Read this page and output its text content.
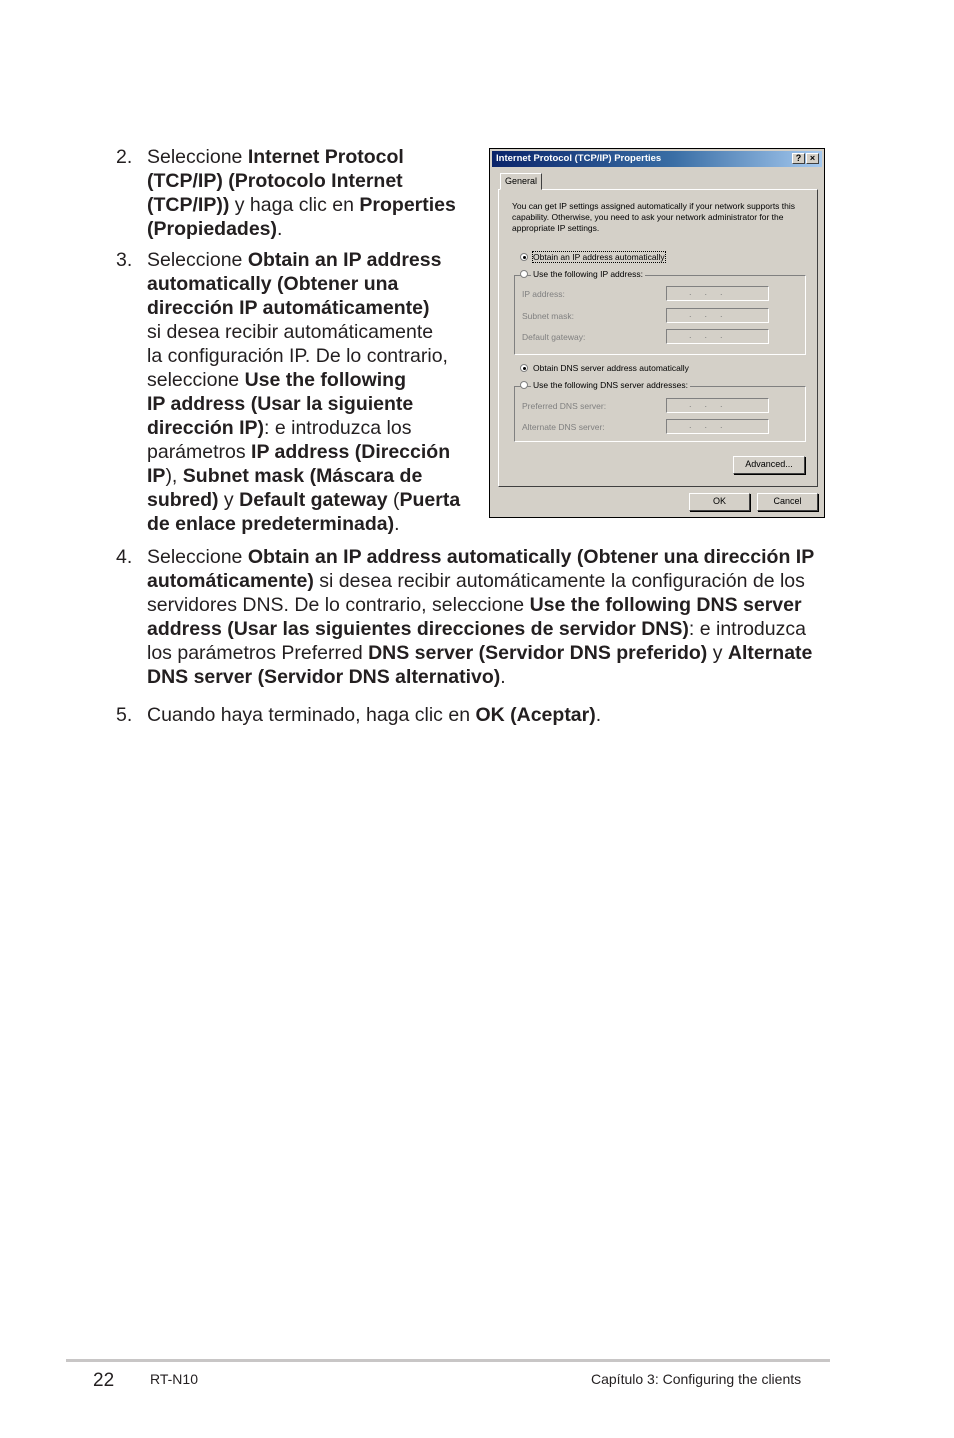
2. Seleccione Internet Protocol
(TCP/IP) (Protocolo Internet
(TCP/IP)) y haga clic en Properties
(Propiedades).
3. Seleccione Obtain an IP address
automatically (Obtener una
dirección IP automáticamente)
si desea recibir automáticamente
la configuración IP. De lo contrario,
seleccione Use the following
IP address (Usar la siguiente
dirección IP): e introduzca los
parámetros IP address (Dirección
IP), Subnet mask (Máscara de
subred) y Default gateway (Puerta
de enlace predeterminada).
4. Seleccione Obtain an IP address automatically (Obtener una dirección IP
automáticamente) si desea recibir automáticamente la configuración de los
servidores DNS. De lo contrario, seleccione Use the following DNS server
address (Usar las siguientes direcciones de servidor DNS): e introduzca
los parámetros Preferred DNS server (Servidor DNS preferido) y Alternate
DNS server (Servidor DNS alternativo).
5. Cuando haya terminado, haga clic en OK (Aceptar).
Internet Protocol (TCP/IP) Properties	? ×
General
You can get IP settings assigned automatically if your network supports this capability. Otherwise, you need to ask your network administrator for the appropriate IP settings.
Obtain an IP address automatically
Use the following IP address:
IP address:	...
Subnet mask:	...
Default gateway:	...
Obtain DNS server address automatically
Use the following DNS server addresses:
Preferred DNS server:	...
Alternate DNS server:	...
Advanced...
OK	Cancel
22	RT-N10	Capítulo 3: Configuring the clients
